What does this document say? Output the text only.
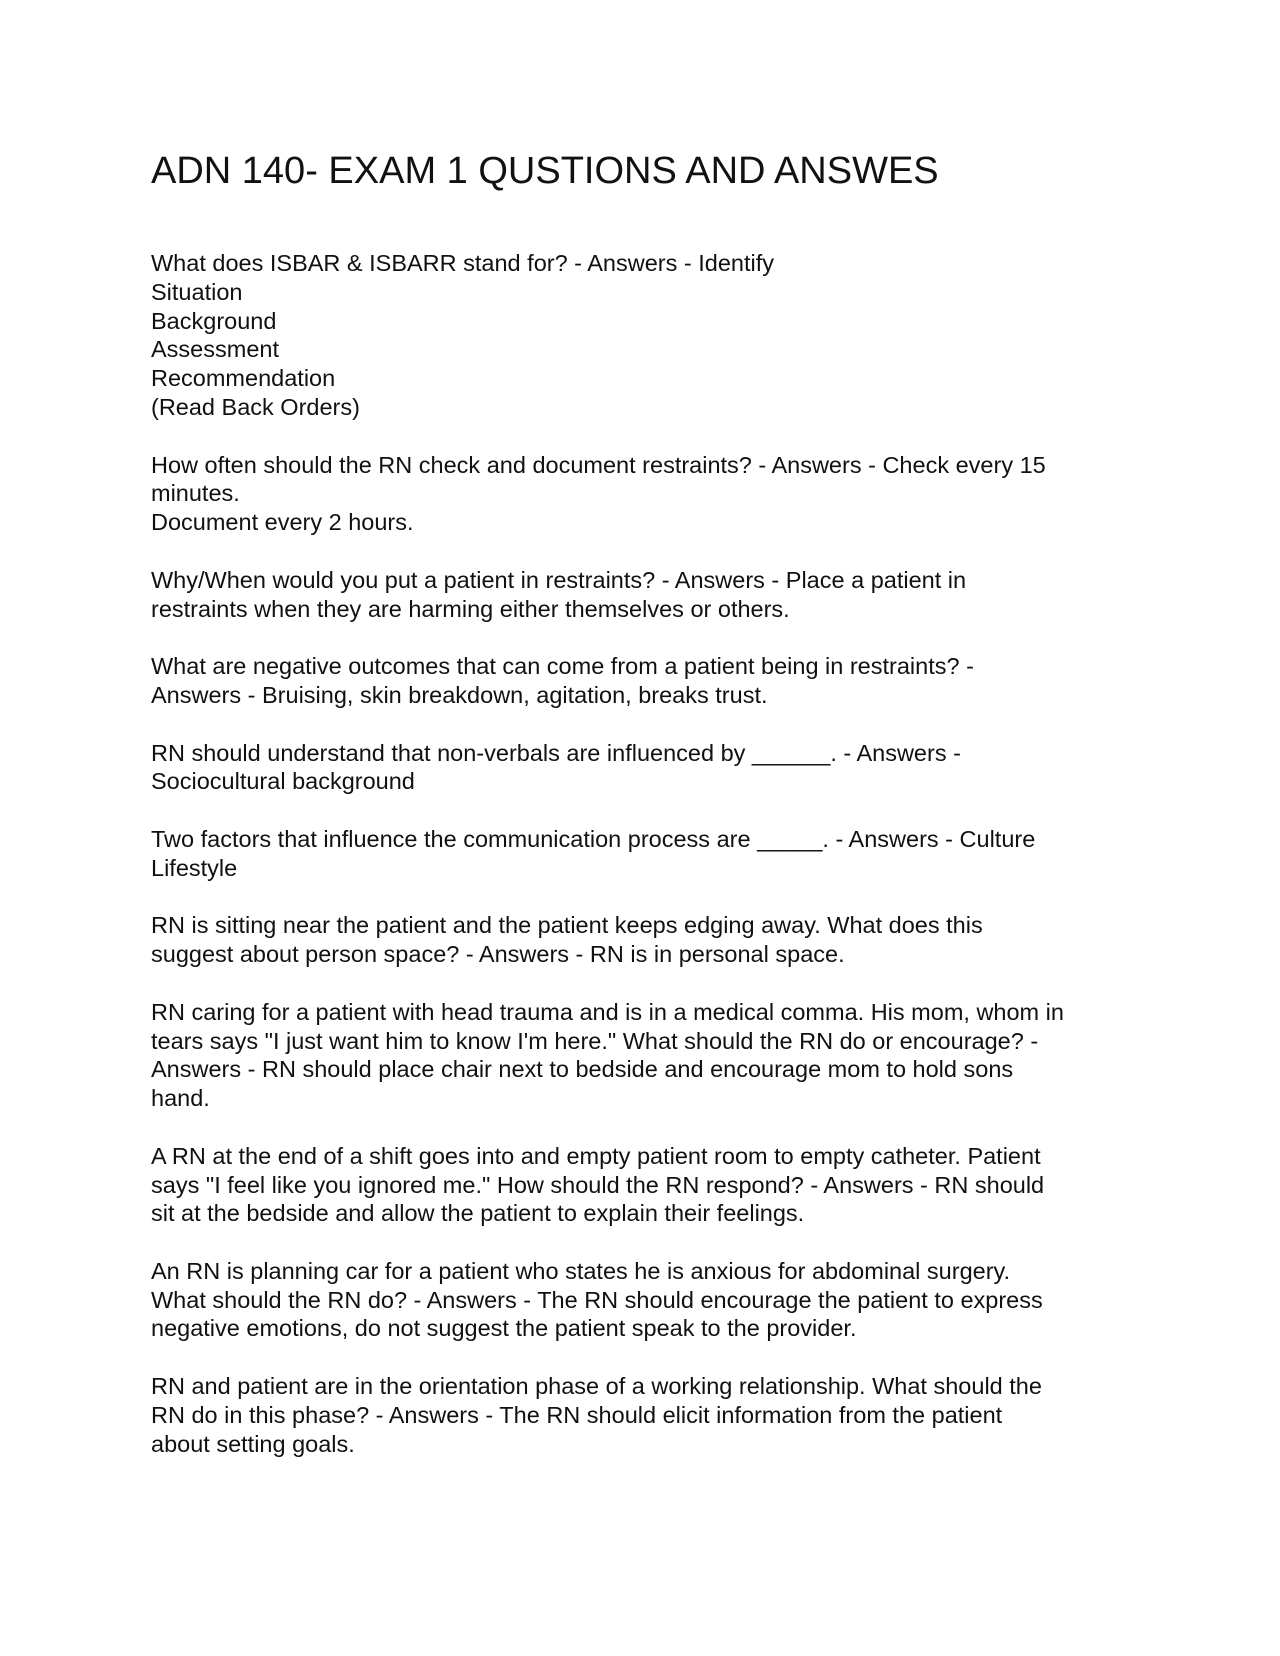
ADN 140- EXAM 1 QUSTIONS AND ANSWES

What does ISBAR & ISBARR stand for? - Answers - Identify
Situation
Background
Assessment
Recommendation
(Read Back Orders)

How often should the RN check and document restraints? - Answers - Check every 15
minutes.
Document every 2 hours.

Why/When would you put a patient in restraints? - Answers - Place a patient in
restraints when they are harming either themselves or others.

What are negative outcomes that can come from a patient being in restraints? -
Answers - Bruising, skin breakdown, agitation, breaks trust.

RN should understand that non-verbals are influenced by ______. - Answers -
Sociocultural background

Two factors that influence the communication process are _____. - Answers - Culture
Lifestyle

RN is sitting near the patient and the patient keeps edging away. What does this
suggest about person space? - Answers - RN is in personal space.

RN caring for a patient with head trauma and is in a medical comma. His mom, whom in
tears says "I just want him to know I'm here." What should the RN do or encourage? -
Answers - RN should place chair next to bedside and encourage mom to hold sons
hand.

A RN at the end of a shift goes into and empty patient room to empty catheter. Patient
says "I feel like you ignored me." How should the RN respond? - Answers - RN should
sit at the bedside and allow the patient to explain their feelings.

An RN is planning car for a patient who states he is anxious for abdominal surgery.
What should the RN do? - Answers - The RN should encourage the patient to express
negative emotions, do not suggest the patient speak to the provider.

RN and patient are in the orientation phase of a working relationship. What should the
RN do in this phase? - Answers - The RN should elicit information from the patient
about setting goals.
